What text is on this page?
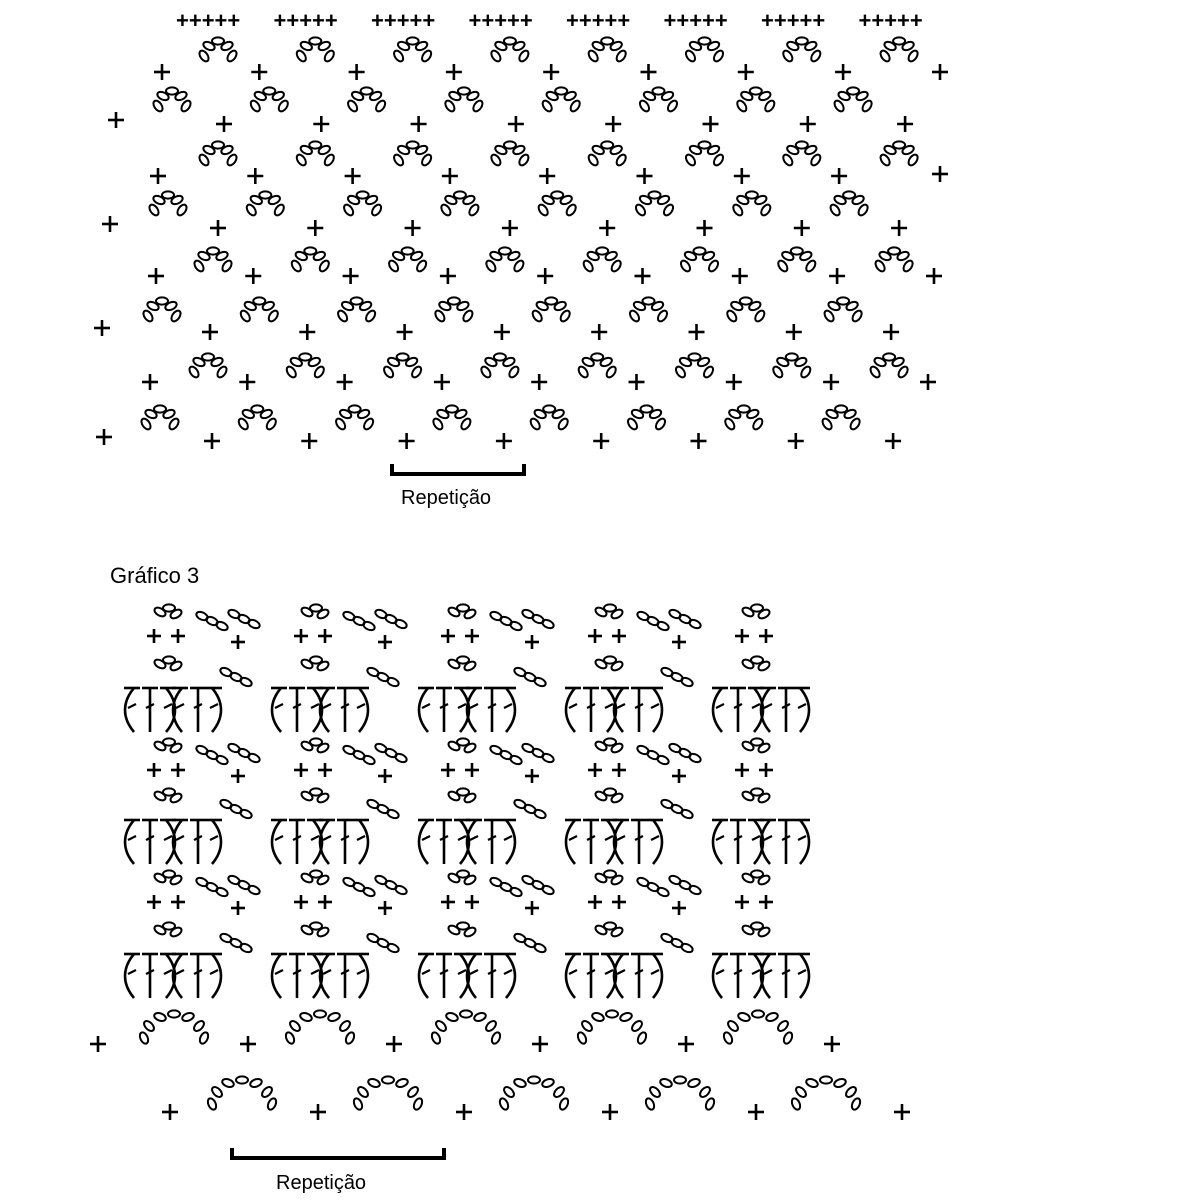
+++++ +++++ +++++ +++++ +++++ +++++ +++++ +++++
Repetição
Gráfico 3
Repetição
